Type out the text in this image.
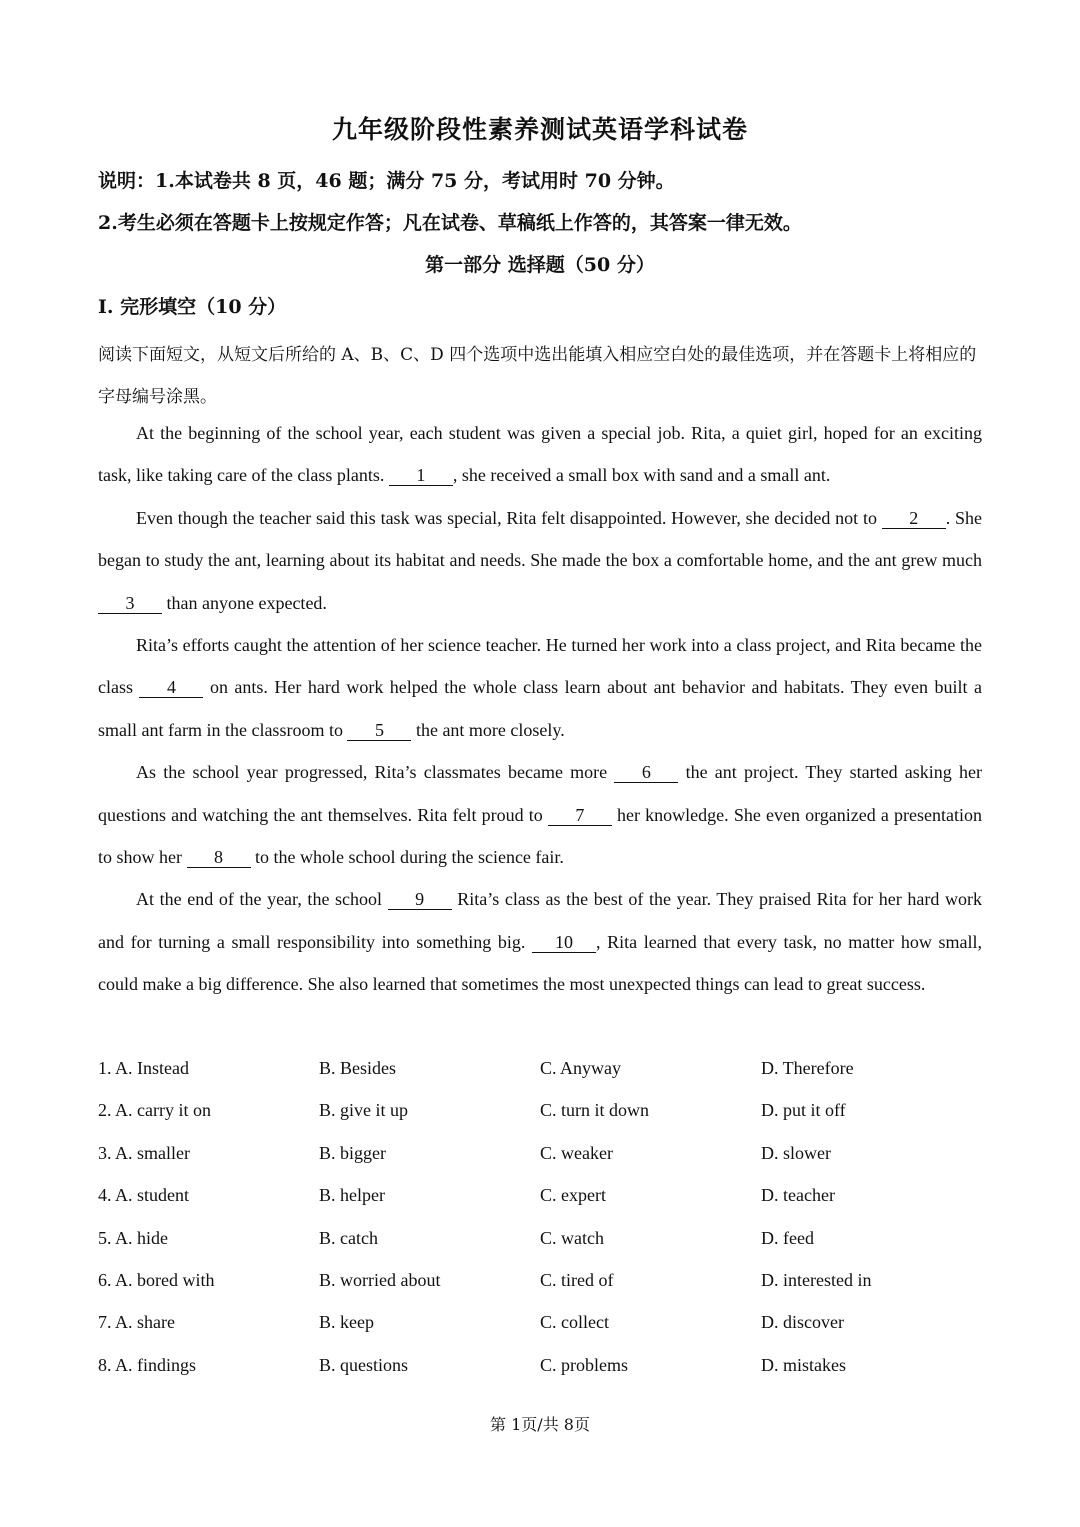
九年级阶段性素养测试英语学科试卷
说明：1.本试卷共 8 页，46 题；满分 75 分，考试用时 70 分钟。
2.考生必须在答题卡上按规定作答；凡在试卷、草稿纸上作答的，其答案一律无效。
第一部分 选择题（50 分）
Ⅰ. 完形填空（10 分）
阅读下面短文，从短文后所给的 A、B、C、D 四个选项中选出能填入相应空白处的最佳选项，并在答题卡上将相应的字母编号涂黑。

At the beginning of the school year, each student was given a special job. Rita, a quiet girl, hoped for an exciting task, like taking care of the class plants. 1 , she received a small box with sand and a small ant.

Even though the teacher said this task was special, Rita felt disappointed. However, she decided not to 2 . She began to study the ant, learning about its habitat and needs. She made the box a comfortable home, and the ant grew much 3 than anyone expected.

Rita’s efforts caught the attention of her science teacher. He turned her work into a class project, and Rita became the class 4 on ants. Her hard work helped the whole class learn about ant behavior and habitats. They even built a small ant farm in the classroom to 5 the ant more closely.

As the school year progressed, Rita’s classmates became more 6 the ant project. They started asking her questions and watching the ant themselves. Rita felt proud to 7 her knowledge. She even organized a presentation to show her 8 to the whole school during the science fair.

At the end of the year, the school 9 Rita’s class as the best of the year. They praised Rita for her hard work and for turning a small responsibility into something big. 10 , Rita learned that every task, no matter how small, could make a big difference. She also learned that sometimes the most unexpected things can lead to great success.

1. A. Instead	B. Besides	C. Anyway	D. Therefore
2. A. carry it on	B. give it up	C. turn it down	D. put it off
3. A. smaller	B. bigger	C. weaker	D. slower
4. A. student	B. helper	C. expert	D. teacher
5. A. hide	B. catch	C. watch	D. feed
6. A. bored with	B. worried about	C. tired of	D. interested in
7. A. share	B. keep	C. collect	D. discover
8. A. findings	B. questions	C. problems	D. mistakes
第 1页/共 8页
